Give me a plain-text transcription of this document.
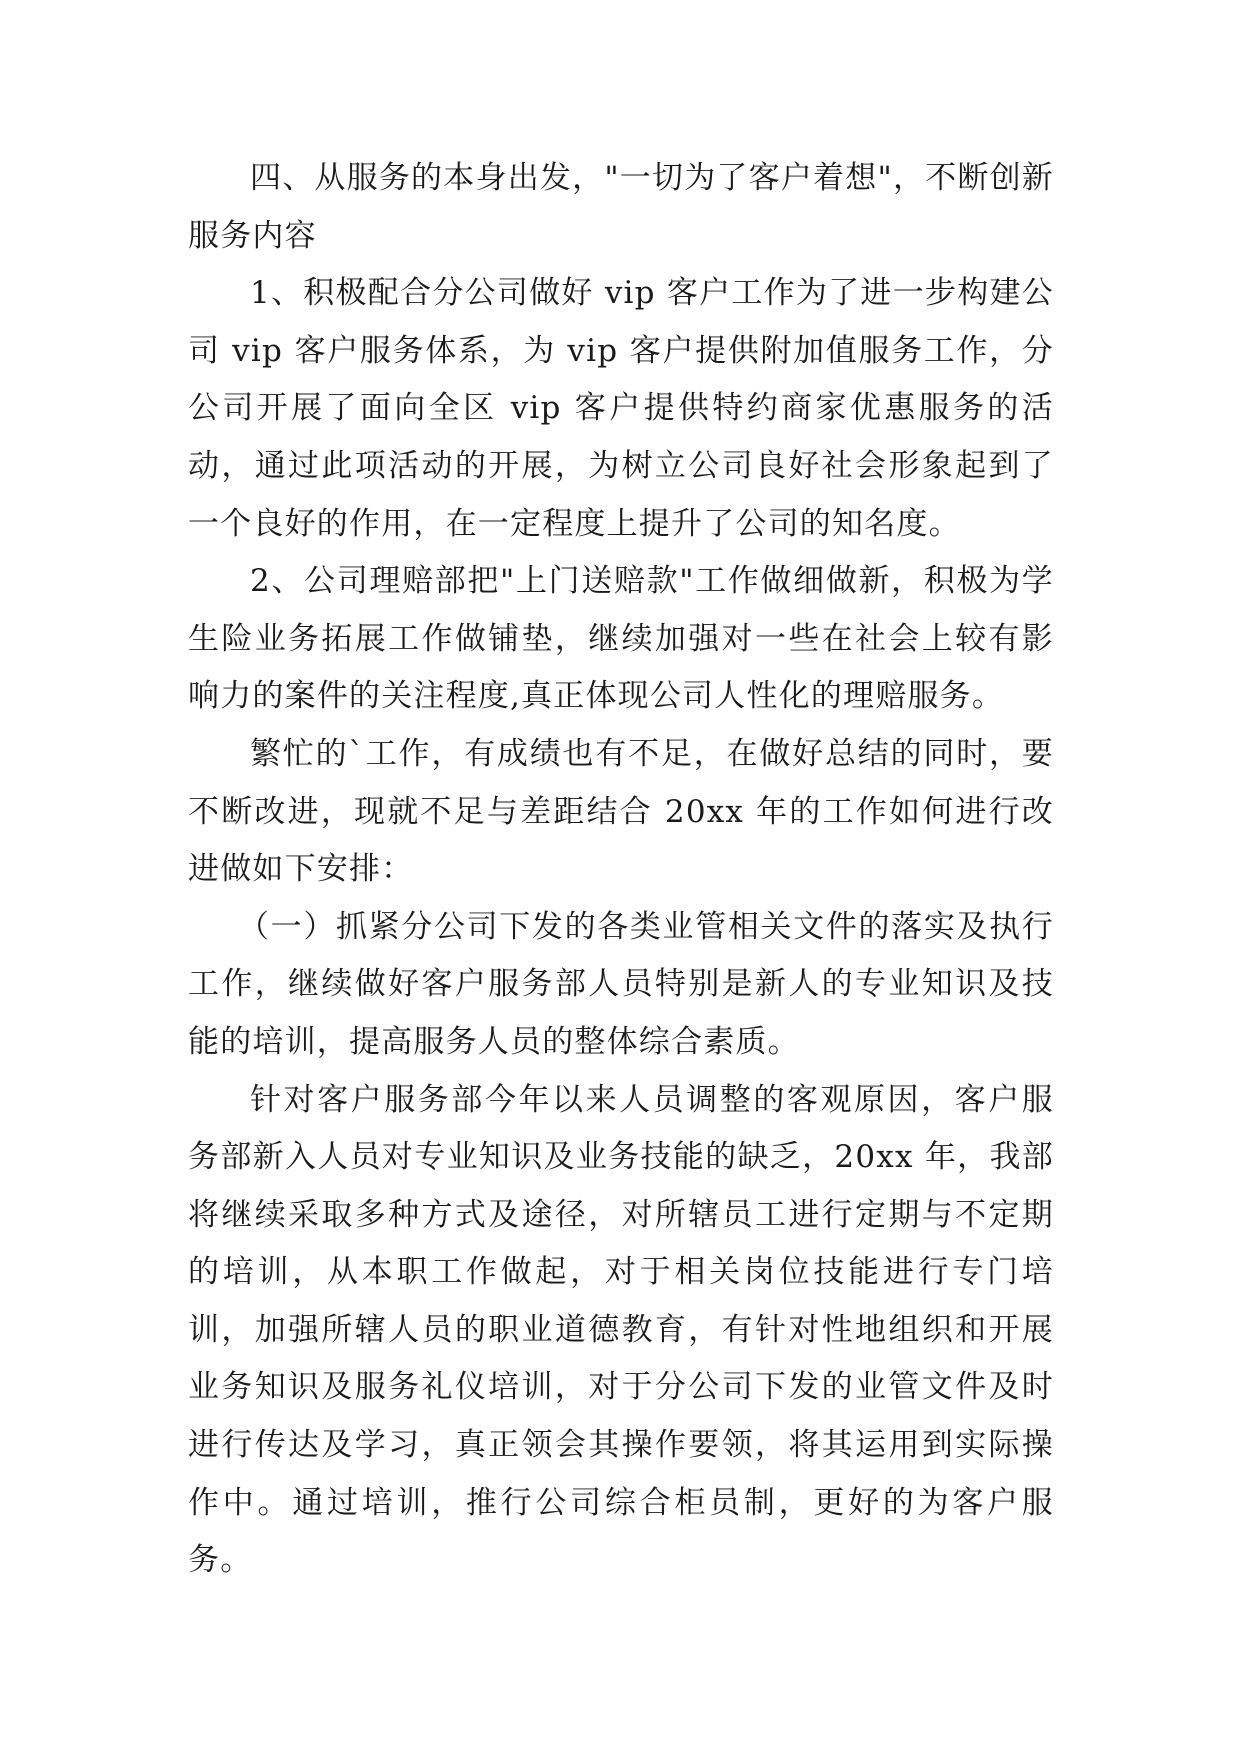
四、从服务的本身出发，"一切为了客户着想"，不断创新服务内容

1、积极配合分公司做好 vip 客户工作为了进一步构建公司 vip 客户服务体系，为 vip 客户提供附加值服务工作，分公司开展了面向全区 vip 客户提供特约商家优惠服务的活动，通过此项活动的开展，为树立公司良好社会形象起到了一个良好的作用，在一定程度上提升了公司的知名度。

2、公司理赔部把"上门送赔款"工作做细做新，积极为学生险业务拓展工作做铺垫，继续加强对一些在社会上较有影响力的案件的关注程度,真正体现公司人性化的理赔服务。

繁忙的`工作，有成绩也有不足，在做好总结的同时，要不断改进，现就不足与差距结合 20xx 年的工作如何进行改进做如下安排：

（一）抓紧分公司下发的各类业管相关文件的落实及执行工作，继续做好客户服务部人员特别是新人的专业知识及技能的培训，提高服务人员的整体综合素质。

针对客户服务部今年以来人员调整的客观原因，客户服务部新入人员对专业知识及业务技能的缺乏，20xx 年，我部将继续采取多种方式及途径，对所辖员工进行定期与不定期的培训，从本职工作做起，对于相关岗位技能进行专门培训，加强所辖人员的职业道德教育，有针对性地组织和开展业务知识及服务礼仪培训，对于分公司下发的业管文件及时进行传达及学习，真正领会其操作要领，将其运用到实际操作中。通过培训，推行公司综合柜员制，更好的为客户服务。
